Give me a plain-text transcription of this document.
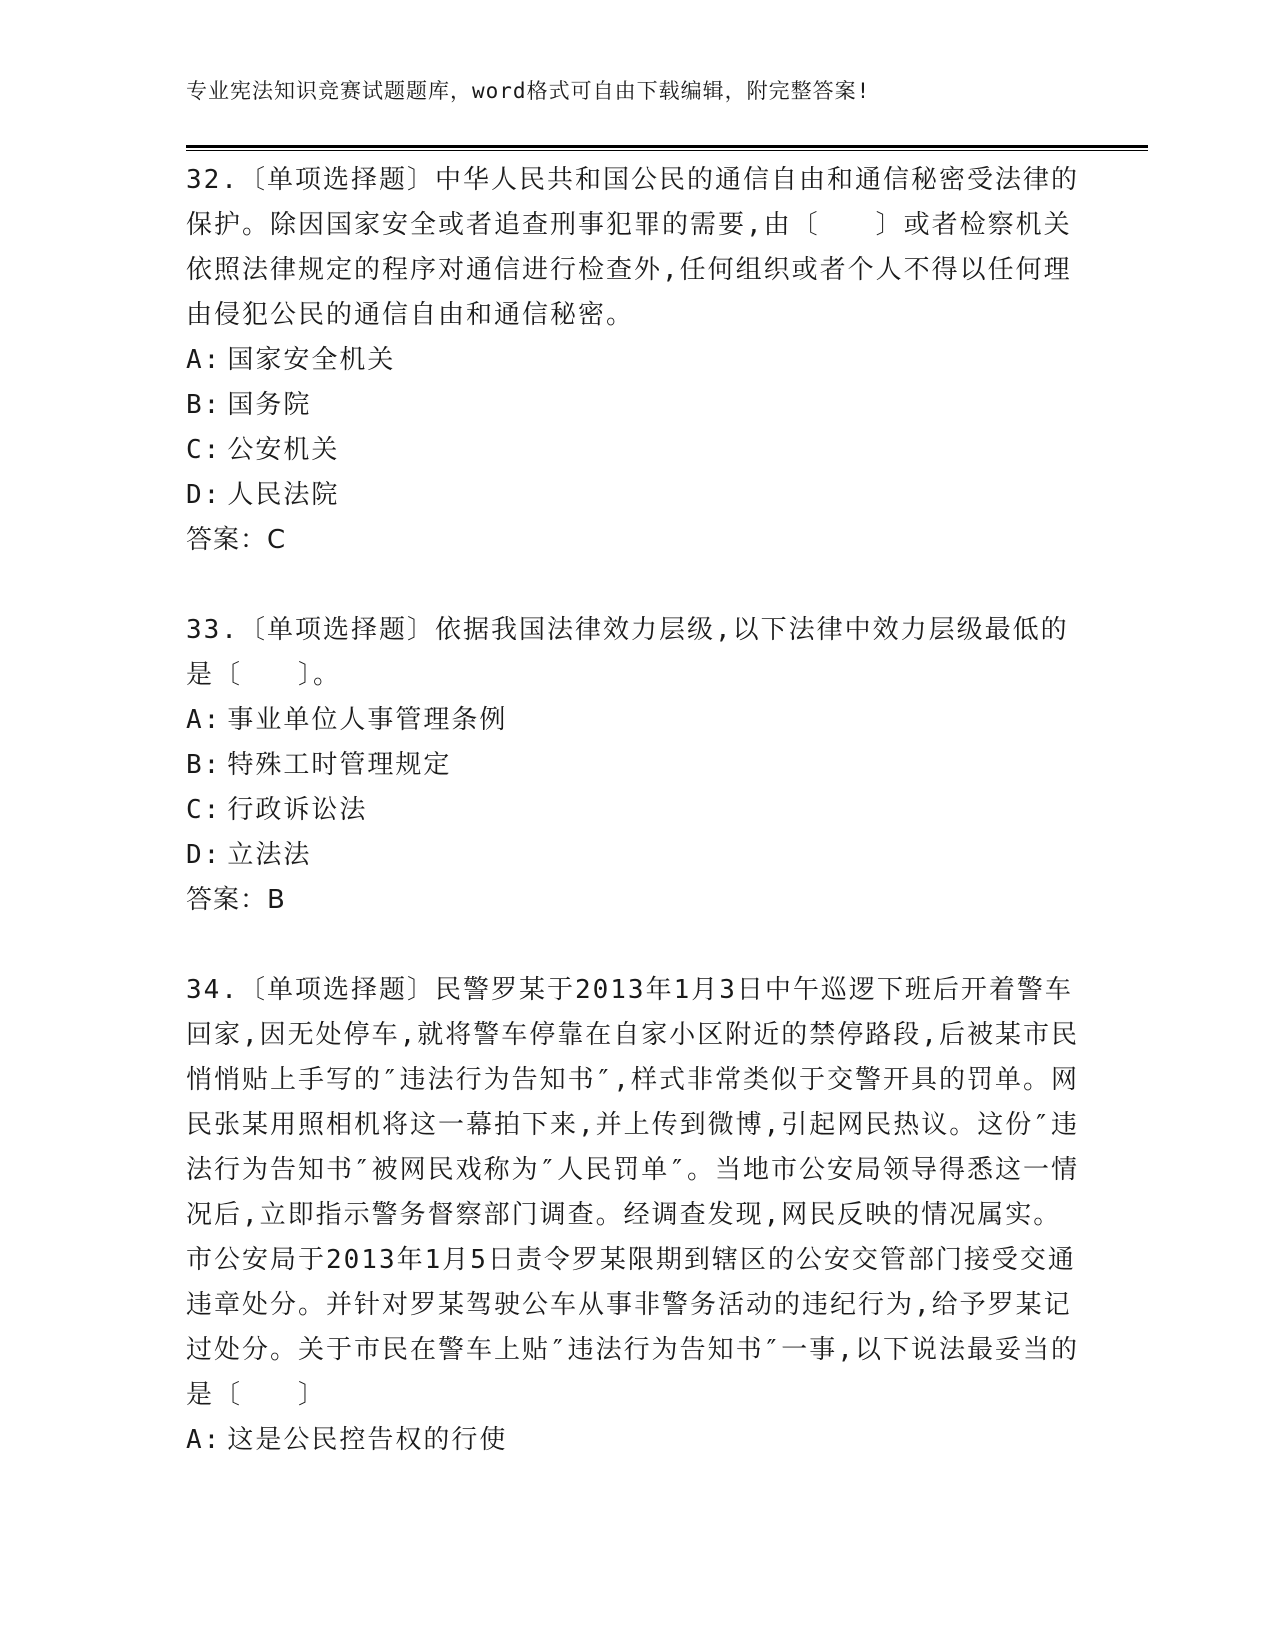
专业宪法知识竞赛试题题库，word格式可自由下载编辑，附完整答案!

32.〔单项选择题〕中华人民共和国公民的通信自由和通信秘密受法律的保护。除因国家安全或者追查刑事犯罪的需要,由〔　　〕或者检察机关依照法律规定的程序对通信进行检查外,任何组织或者个人不得以任何理由侵犯公民的通信自由和通信秘密。

A: 国家安全机关

B: 国务院

C: 公安机关

D: 人民法院

答案：C

33.〔单项选择题〕依据我国法律效力层级,以下法律中效力层级最低的是〔　　〕。

A: 事业单位人事管理条例

B: 特殊工时管理规定

C: 行政诉讼法

D: 立法法

答案：B

34.〔单项选择题〕民警罗某于2013年1月3日中午巡逻下班后开着警车回家,因无处停车,就将警车停靠在自家小区附近的禁停路段,后被某市民悄悄贴上手写的″违法行为告知书″,样式非常类似于交警开具的罚单。网民张某用照相机将这一幕拍下来,并上传到微博,引起网民热议。这份″违法行为告知书″被网民戏称为″人民罚单″。当地市公安局领导得悉这一情况后,立即指示警务督察部门调查。经调查发现,网民反映的情况属实。市公安局于2013年1月5日责令罗某限期到辖区的公安交管部门接受交通违章处分。并针对罗某驾驶公车从事非警务活动的违纪行为,给予罗某记过处分。关于市民在警车上贴″违法行为告知书″一事,以下说法最妥当的是〔　　〕

A: 这是公民控告权的行使
